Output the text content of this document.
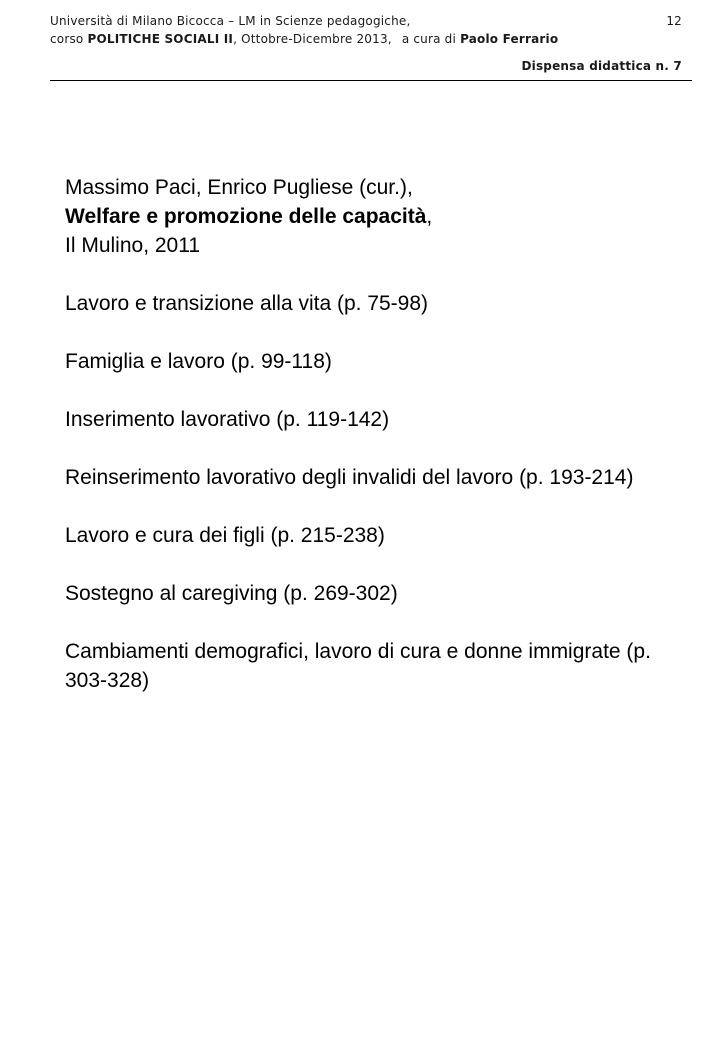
Università di Milano Bicocca – LM in Scienze pedagogiche,
corso POLITICHE SOCIALI II, Ottobre-Dicembre 2013, a cura di Paolo Ferrario
12
Dispensa didattica n. 7

Massimo Paci, Enrico Pugliese (cur.),
Welfare e promozione delle capacità,
Il Mulino, 2011

Lavoro e transizione alla vita (p. 75-98)

Famiglia e lavoro (p. 99-118)

Inserimento lavorativo (p. 119-142)

Reinserimento lavorativo degli invalidi del lavoro (p. 193-214)

Lavoro e cura dei figli (p. 215-238)

Sostegno al caregiving (p. 269-302)

Cambiamenti demografici, lavoro di cura e donne immigrate (p. 303-328)
